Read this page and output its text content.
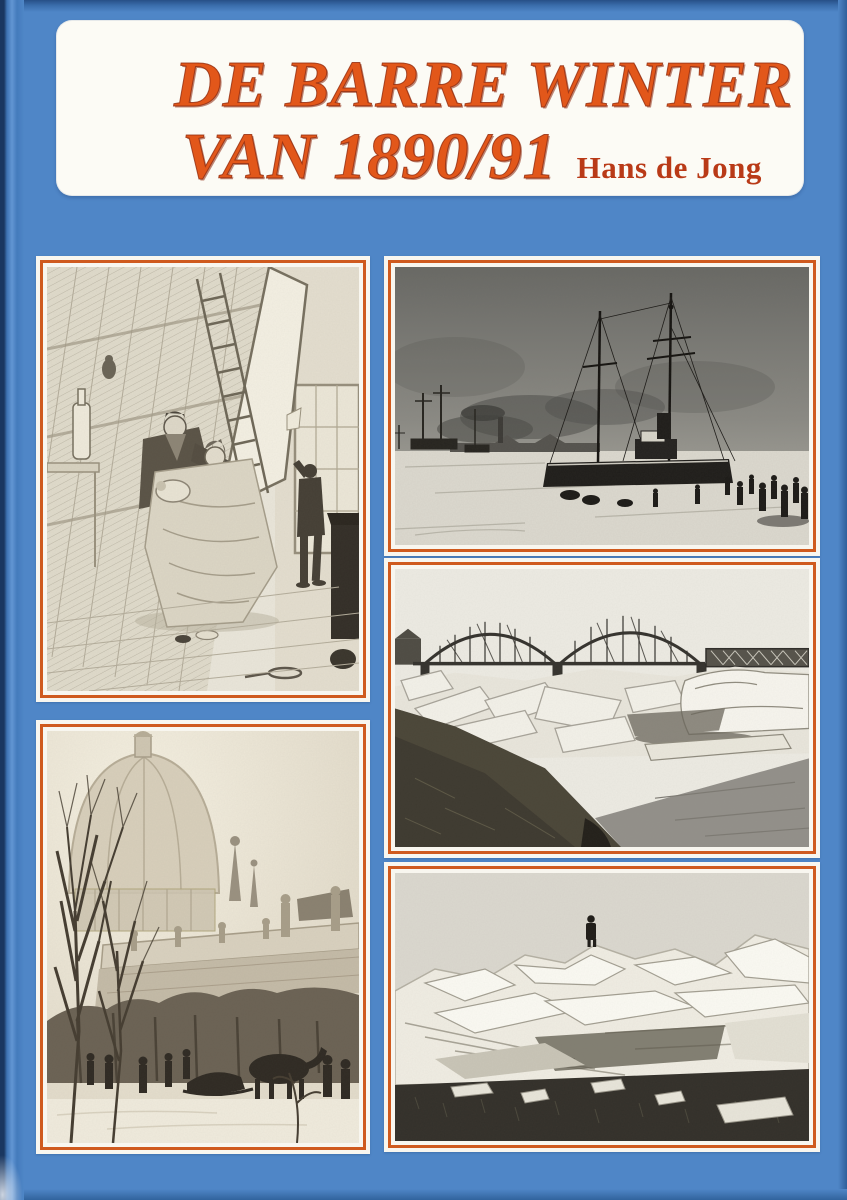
DE BARRE WINTER
VAN 1890/91 Hans de Jong
